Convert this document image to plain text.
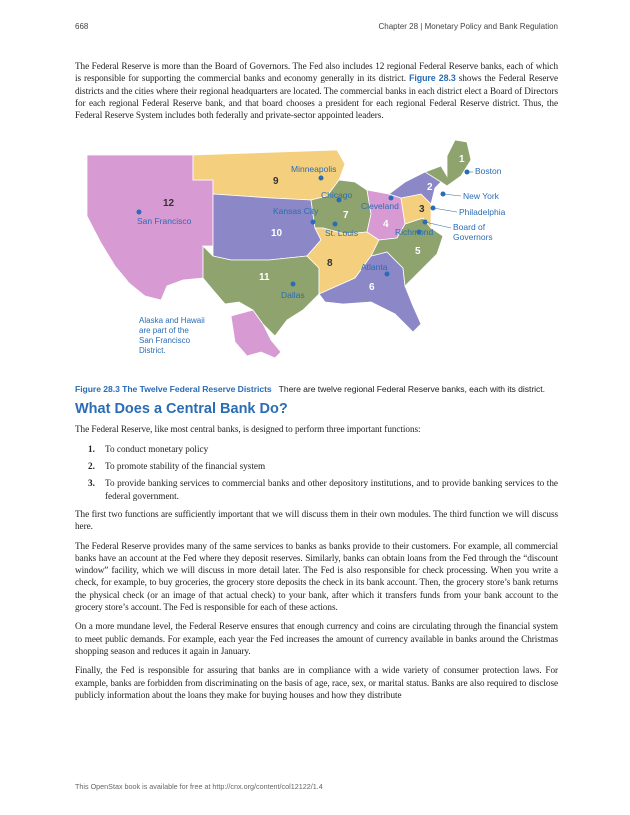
668	Chapter 28 | Monetary Policy and Bank Regulation

The Federal Reserve is more than the Board of Governors. The Fed also includes 12 regional Federal Reserve banks, each of which is responsible for supporting the commercial banks and economy generally in its district. Figure 28.3 shows the Federal Reserve districts and the cities where their regional headquarters are located. The commercial banks in each district elect a Board of Directors for each regional Federal Reserve bank, and that board chooses a president for each regional Federal Reserve district. Thus, the Federal Reserve System includes both federally and private-sector appointed leaders.

1
2
3
4
5
6
7
8
9
10
11
12
Boston
New York
Philadelphia
Board of
Governors
Richmond
Cleveland
Chicago
Minneapolis
Kansas City
St. Louis
Atlanta
Dallas
San Francisco
Alaska and Hawaii
are part of the
San Francisco
District.

Figure 28.3 The Twelve Federal Reserve Districts There are twelve regional Federal Reserve banks, each with its district.

What Does a Central Bank Do?

The Federal Reserve, like most central banks, is designed to perform three important functions:

1. To conduct monetary policy
2. To promote stability of the financial system
3. To provide banking services to commercial banks and other depository institutions, and to provide banking services to the federal government.

The first two functions are sufficiently important that we will discuss them in their own modules. The third function we will discuss here.

The Federal Reserve provides many of the same services to banks as banks provide to their customers. For example, all commercial banks have an account at the Fed where they deposit reserves. Similarly, banks can obtain loans from the Fed through the “discount window” facility, which we will discuss in more detail later. The Fed is also responsible for check processing. When you write a check, for example, to buy groceries, the grocery store deposits the check in its bank account. Then, the grocery store’s bank returns the physical check (or an image of that actual check) to your bank, after which it transfers funds from your bank account to the grocery store’s account. The Fed is responsible for each of these actions.

On a more mundane level, the Federal Reserve ensures that enough currency and coins are circulating through the financial system to meet public demands. For example, each year the Fed increases the amount of currency available in banks around the Christmas shopping season and reduces it again in January.

Finally, the Fed is responsible for assuring that banks are in compliance with a wide variety of consumer protection laws. For example, banks are forbidden from discriminating on the basis of age, race, sex, or marital status. Banks are also required to disclose publicly information about the loans they make for buying houses and how they distribute

This OpenStax book is available for free at http://cnx.org/content/col12122/1.4
